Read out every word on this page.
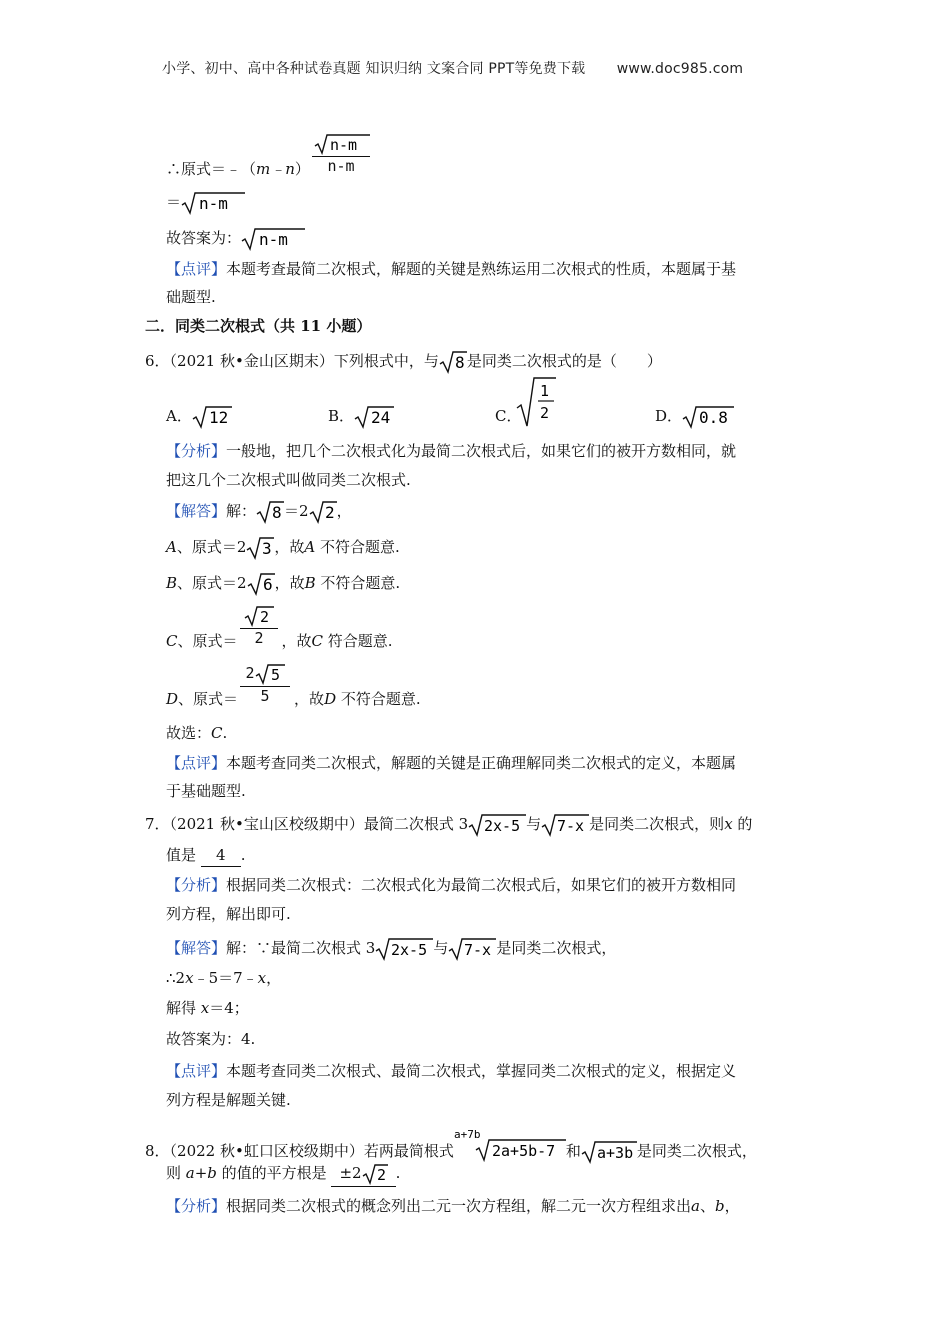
小学、初中、高中各种试卷真题 知识归纳 文案合同 PPT等免费下载 www.doc985.com
∴原式＝﹣（m﹣n） $\frac{n-m}{n-m}$
＝ n-m
故答案为： n-m
【点评】本题考查最简二次根式，解题的关键是熟练运用二次根式的性质，本题属于基
础题型.
二．同类二次根式（共 11 小题）
6．（2021 秋•金山区期末）下列根式中，与 8 是同类二次根式的是（　　）
A． 12	B． 24	C．
1
2	D． 0.8
【分析】一般地，把几个二次根式化为最简二次根式后，如果它们的被开方数相同，就
把这几个二次根式叫做同类二次根式.
【解答】解： 8 ＝2 2 ，
A、原式＝2 3 ，故A 不符合题意.
B、原式＝2 6 ，故B 不符合题意.
C、原式＝	，故C 符合题意.
$\frac{2}{2}$
D、原式＝	，故D 不符合题意.
$\frac{2 5}{5}$
故选：C.
【点评】本题考查同类二次根式，解题的关键是正确理解同类二次根式的定义，本题属
于基础题型.
7．（2021 秋•宝山区校级期中）最简二次根式 3 2x-5 与 7-x 是同类二次根式，则x 的
值是 4 .
【分析】根据同类二次根式：二次根式化为最简二次根式后，如果它们的被开方数相同
列方程，解出即可.
【解答】解：∵最简二次根式 3 2x-5 与 7-x 是同类二次根式，
∴2x﹣5＝7﹣x，
解得 x＝4；
故答案为：4.
【点评】本题考查同类二次根式、最简二次根式，掌握同类二次根式的定义，根据定义
列方程是解题关键.
8．（2022 秋•虹口区校级期中）若两最简根式
a+7b
2a+5b-7 和 a+3b 是同类二次根式，
则 a+b 的值的平方根是 ±2 2 .
【分析】根据同类二次根式的概念列出二元一次方程组，解二元一次方程组求出a、b，
